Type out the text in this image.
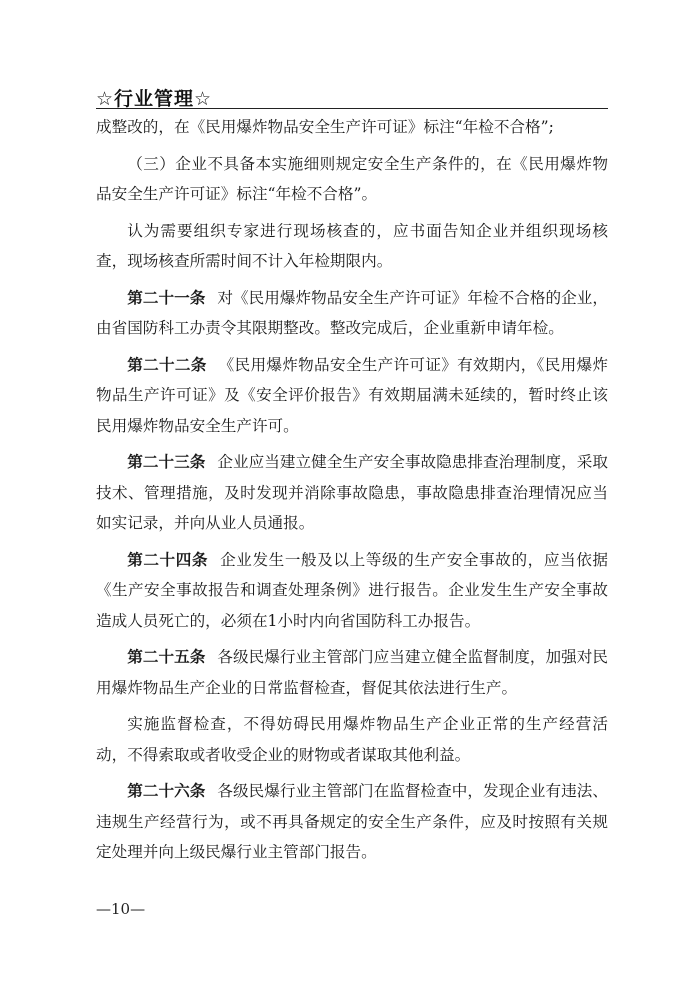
☆行业管理☆

成整改的，在《民用爆炸物品安全生产许可证》标注“年检不合格”;

（三）企业不具备本实施细则规定安全生产条件的，在《民用爆炸物品安全生产许可证》标注“年检不合格”。

认为需要组织专家进行现场核查的，应书面告知企业并组织现场核查，现场核查所需时间不计入年检期限内。

第二十一条 对《民用爆炸物品安全生产许可证》年检不合格的企业，由省国防科工办责令其限期整改。整改完成后，企业重新申请年检。

第二十二条 《民用爆炸物品安全生产许可证》有效期内，《民用爆炸物品生产许可证》及《安全评价报告》有效期届满未延续的，暂时终止该民用爆炸物品安全生产许可。

第二十三条 企业应当建立健全生产安全事故隐患排查治理制度，采取技术、管理措施，及时发现并消除事故隐患，事故隐患排查治理情况应当如实记录，并向从业人员通报。

第二十四条 企业发生一般及以上等级的生产安全事故的，应当依据《生产安全事故报告和调查处理条例》进行报告。企业发生生产安全事故造成人员死亡的，必须在1小时内向省国防科工办报告。

第二十五条 各级民爆行业主管部门应当建立健全监督制度，加强对民用爆炸物品生产企业的日常监督检查，督促其依法进行生产。

实施监督检查，不得妨碍民用爆炸物品生产企业正常的生产经营活动，不得索取或者收受企业的财物或者谋取其他利益。

第二十六条 各级民爆行业主管部门在监督检查中，发现企业有违法、违规生产经营行为，或不再具备规定的安全生产条件，应及时按照有关规定处理并向上级民爆行业主管部门报告。

—10—
